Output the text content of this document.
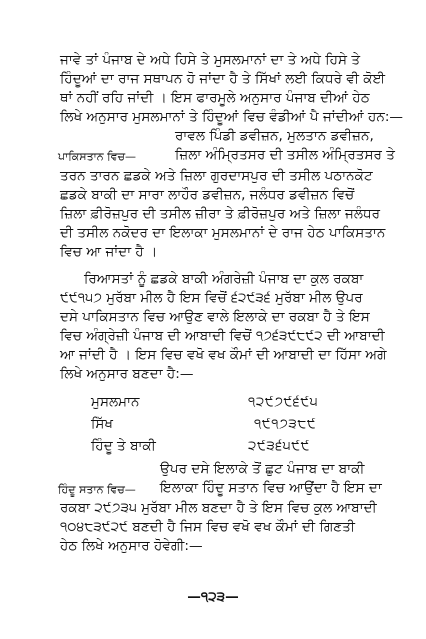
ਜਾਵੇ ਤਾਂ ਪੰਜਾਬ ਦੇ ਅਧੇ ਹਿਸੇ ਤੇ ਮੁਸਲਮਾਨਾਂ ਦਾ ਤੇ ਅਧੇ ਹਿਸੇ ਤੇ
ਹਿੰਦੂਆਂ ਦਾ ਰਾਜ ਸਥਾਪਨ ਹੋ ਜਾਂਦਾ ਹੈ ਤੇ ਸਿੱਖਾਂ ਲਈ ਕਿਧਰੇ ਵੀ ਕੋਈ
ਥਾਂ ਨਹੀਂ ਰਹਿ ਜਾਂਦੀ । ਇਸ ਫਾਰਮੂਲੇ ਅਨੁਸਾਰ ਪੰਜਾਬ ਦੀਆਂ ਹੇਠ
ਲਿਖੇ ਅਨੁਸਾਰ ਮੁਸਲਮਾਨਾਂ ਤੇ ਹਿੰਦੂਆਂ ਵਿਚ ਵੰਡੀਆਂ ਪੈ ਜਾਂਦੀਆਂ ਹਨ:—
ਰਾਵਲ ਪਿੰਡੀ ਡਵੀਜ਼ਨ, ਮੁਲਤਾਨ ਡਵੀਜ਼ਨ,
ਪਾਕਿਸਤਾਨ ਵਿਚ—	ਜ਼ਿਲਾ ਅੰਮ੍ਰਿਤਸਰ ਦੀ ਤਸੀਲ ਅੰਮ੍ਰਿਤਸਰ ਤੇ
ਤਰਨ ਤਾਰਨ ਛਡਕੇ ਅਤੇ ਜ਼ਿਲਾ ਗੁਰਦਾਸਪੁਰ ਦੀ ਤਸੀਲ ਪਠਾਨਕੋਟ
ਛਡਕੇ ਬਾਕੀ ਦਾ ਸਾਰਾ ਲਾਹੌਰ ਡਵੀਜ਼ਨ, ਜਲੰਧਰ ਡਵੀਜ਼ਨ ਵਿਚੋਂ
ਜ਼ਿਲਾ ਫ਼ੀਰੋਜ਼ਪੁਰ ਦੀ ਤਸੀਲ ਜ਼ੀਰਾ ਤੇ ਫ਼ੀਰੋਜ਼ਪੁਰ ਅਤੇ ਜ਼ਿਲਾ ਜਲੰਧਰ
ਦੀ ਤਸੀਲ ਨਕੋਦਰ ਦਾ ਇਲਾਕਾ ਮੁਸਲਮਾਨਾਂ ਦੇ ਰਾਜ ਹੇਠ ਪਾਕਿਸਤਾਨ
ਵਿਚ ਆ ਜਾਂਦਾ ਹੈ ।
ਰਿਆਸਤਾਂ ਨੂੰ ਛਡਕੇ ਬਾਕੀ ਅੰਗਰੇਜ਼ੀ ਪੰਜਾਬ ਦਾ ਕੁਲ ਰਕਬਾ
੯੯੧੫੭ ਮੁਰੱਬਾ ਮੀਲ ਹੈ ਇਸ ਵਿਚੋਂ ੬੨੯੩੬ ਮੁਰੱਬਾ ਮੀਲ ਉਪਰ
ਦਸੇ ਪਾਕਿਸਤਾਨ ਵਿਚ ਆਉਣ ਵਾਲੇ ਇਲਾਕੇ ਦਾ ਰਕਬਾ ਹੈ ਤੇ ਇਸ
ਵਿਚ ਅੰਗ੍ਰੇਜ਼ੀ ਪੰਜਾਬ ਦੀ ਆਬਾਦੀ ਵਿਚੋਂ ੧੭੬੩੯੮੯੨ ਦੀ ਆਬਾਦੀ
ਆ ਜਾਂਦੀ ਹੈ । ਇਸ ਵਿਚ ਵਖੋ ਵਖ ਕੌਮਾਂ ਦੀ ਆਬਾਦੀ ਦਾ ਹਿੱਸਾ ਅਗੇ
ਲਿਖੇ ਅਨੁਸਾਰ ਬਣਦਾ ਹੈ:—
ਮੁਸਲਮਾਨ	੧੨੯੭੯੬੯੫
ਸਿੱਖ	੧੯੧੭੩੮੯
ਹਿੰਦੂ ਤੇ ਬਾਕੀ	੨੯੩੬੫੯੯
ਉਪਰ ਦਸੇ ਇਲਾਕੇ ਤੋਂ ਛੁਟ ਪੰਜਾਬ ਦਾ ਬਾਕੀ
ਹਿੰਦੂ ਸਤਾਨ ਵਿਚ— ਇਲਾਕਾ ਹਿੰਦੂ ਸਤਾਨ ਵਿਚ ਆਉਂਦਾ ਹੈ ਇਸ ਦਾ
ਰਕਬਾ ੨੯੭੩੫ ਮੁਰੱਬਾ ਮੀਲ ਬਣਦਾ ਹੈ ਤੇ ਇਸ ਵਿਚ ਕੁਲ ਆਬਾਦੀ
੧੦੪੮੩੯੨੯ ਬਣਦੀ ਹੈ ਜਿਸ ਵਿਚ ਵਖੋ ਵਖ ਕੌਮਾਂ ਦੀ ਗਿਣਤੀ
ਹੇਠ ਲਿਖੇ ਅਨੁਸਾਰ ਹੋਵੇਗੀ:—
—੧੨੩—
